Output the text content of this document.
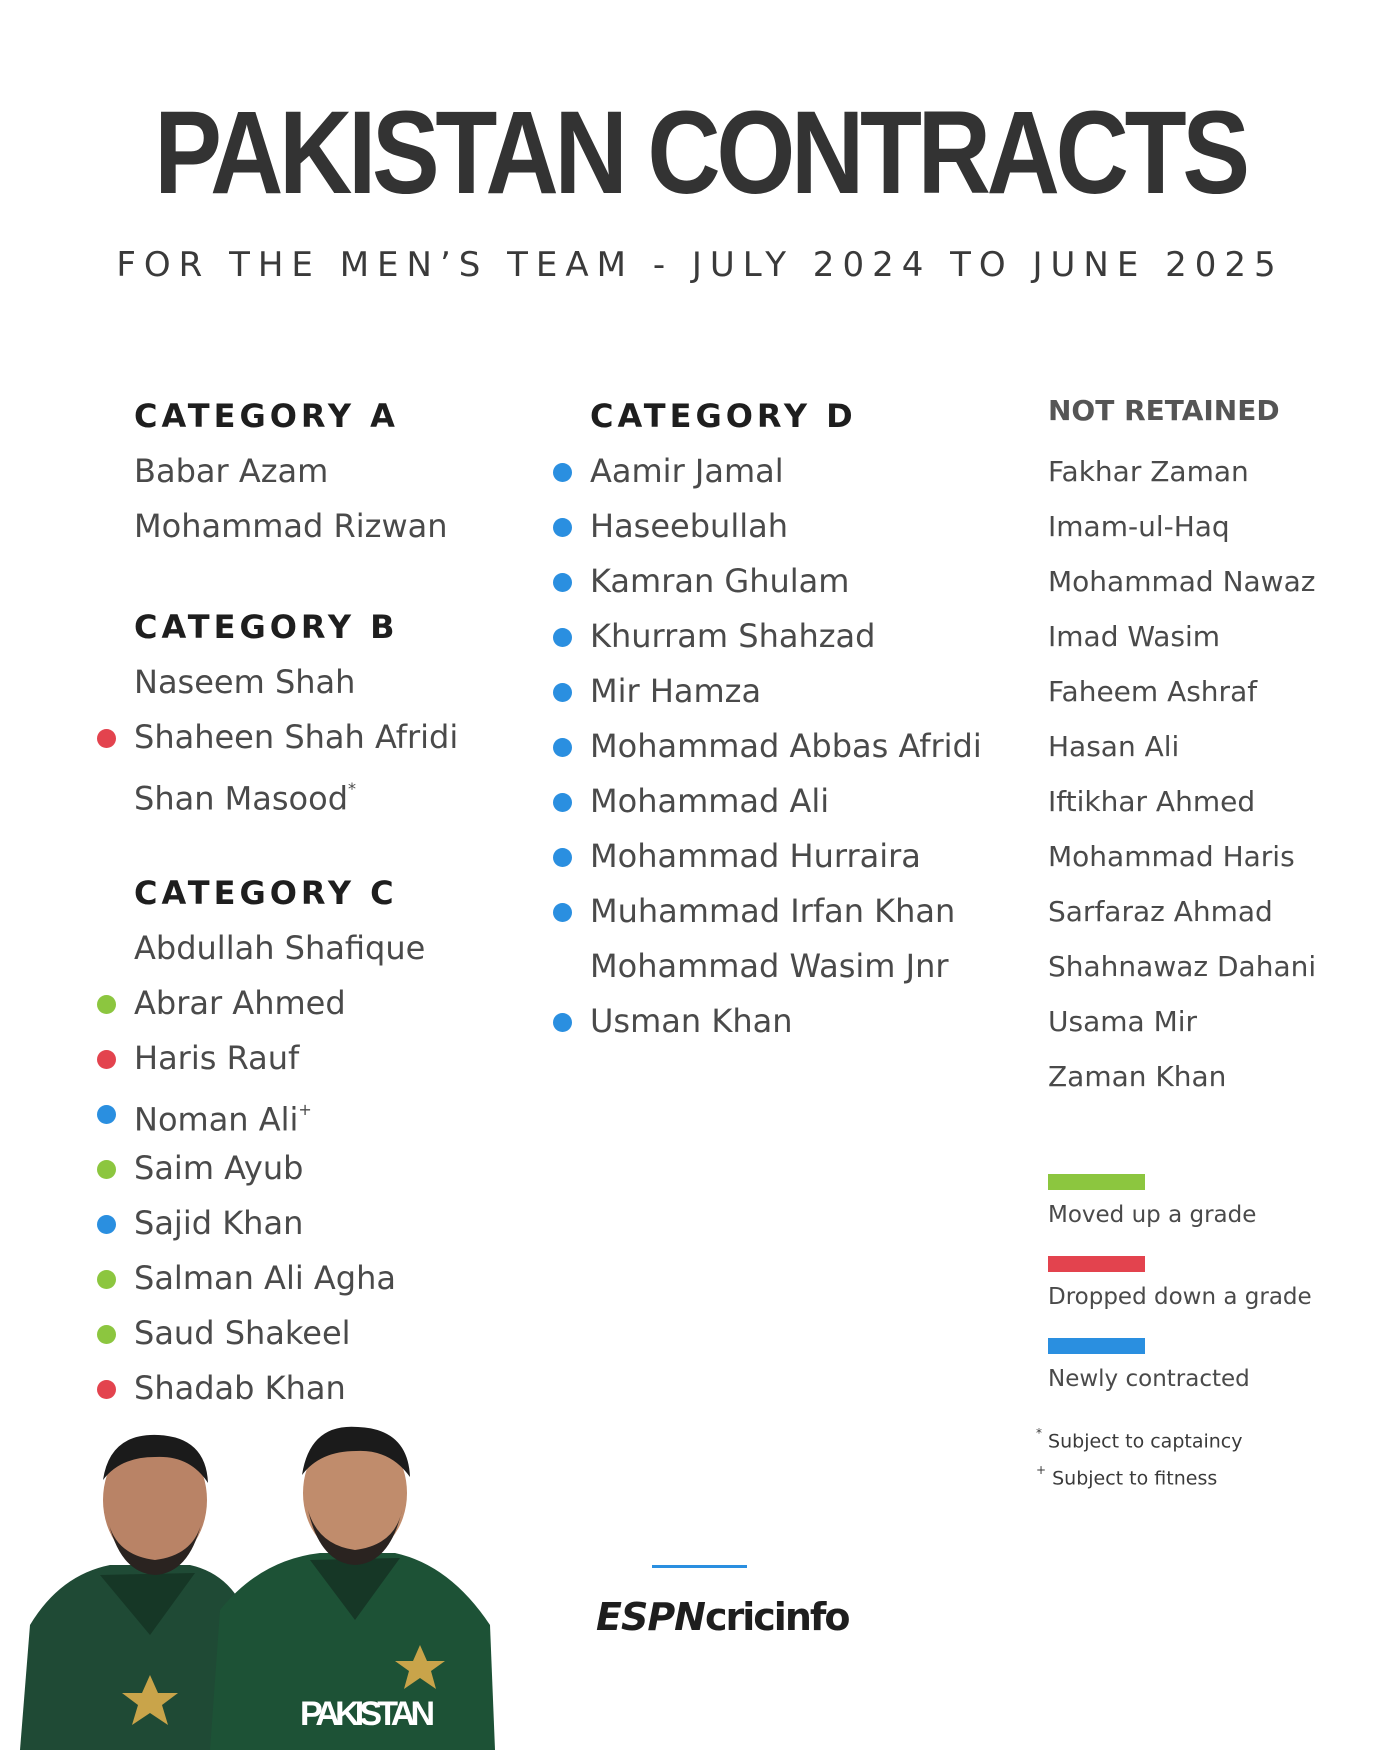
PAKISTAN CONTRACTS
FOR THE MEN’S TEAM - JULY 2024 TO JUNE 2025
CATEGORY A
Babar Azam
Mohammad Rizwan
CATEGORY B
Naseem Shah
Shaheen Shah Afridi
Shan Masood*
CATEGORY C
Abdullah Shafique
Abrar Ahmed
Haris Rauf
Noman Ali+
Saim Ayub
Sajid Khan
Salman Ali Agha
Saud Shakeel
Shadab Khan
CATEGORY D
Aamir Jamal
Haseebullah
Kamran Ghulam
Khurram Shahzad
Mir Hamza
Mohammad Abbas Afridi
Mohammad Ali
Mohammad Hurraira
Muhammad Irfan Khan
Mohammad Wasim Jnr
Usman Khan
NOT RETAINED
Fakhar Zaman
Imam-ul-Haq
Mohammad Nawaz
Imad Wasim
Faheem Ashraf
Hasan Ali
Iftikhar Ahmed
Mohammad Haris
Sarfaraz Ahmad
Shahnawaz Dahani
Usama Mir
Zaman Khan
Moved up a grade
Dropped down a grade
Newly contracted
* Subject to captaincy
+ Subject to fitness
PAKISTAN
ESPNcricinfo
